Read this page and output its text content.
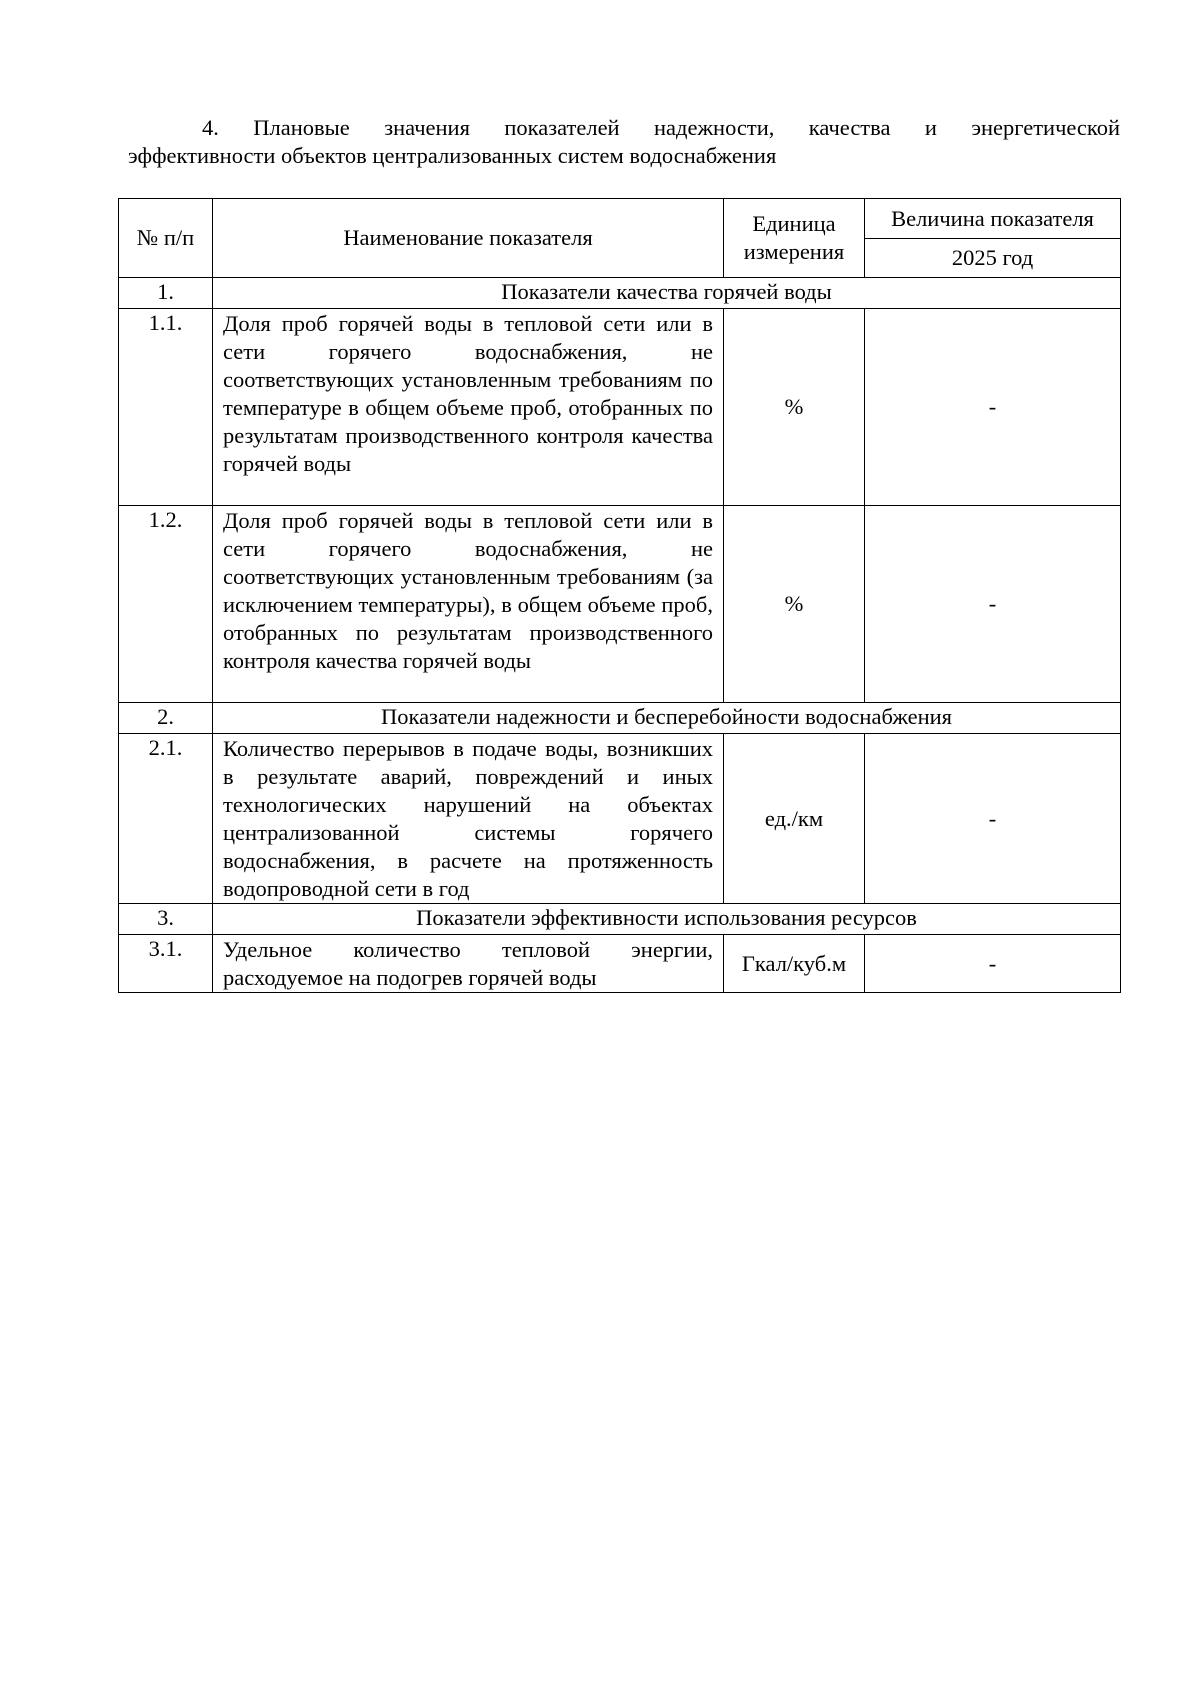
4. Плановые значения показателей надежности, качества и энергетической
эффективности объектов централизованных систем водоснабжения
№ п/п	Наименование показателя	Единица измерения	Величина показателя
			2025 год
1.	Показатели качества горячей воды		
1.1.	Доля проб горячей воды в тепловой сети или в сети горячего водоснабжения, не соответствующих установленным требованиям по температуре в общем объеме проб, отобранных по результатам производственного контроля качества горячей воды	%	-
1.2.	Доля проб горячей воды в тепловой сети или в сети горячего водоснабжения, не соответствующих установленным требованиям (за исключением температуры), в общем объеме проб, отобранных по результатам производственного контроля качества горячей воды	%	-
2.	Показатели надежности и бесперебойности водоснабжения		
2.1.	Количество перерывов в подаче воды, возникших в результате аварий, повреждений и иных технологических нарушений на объектах централизованной системы горячего водоснабжения, в расчете на протяженность водопроводной сети в год	ед./км	-
3.	Показатели эффективности использования ресурсов		
3.1.	Удельное количество тепловой энергии, расходуемое на подогрев горячей воды	Гкал/куб.м	-
